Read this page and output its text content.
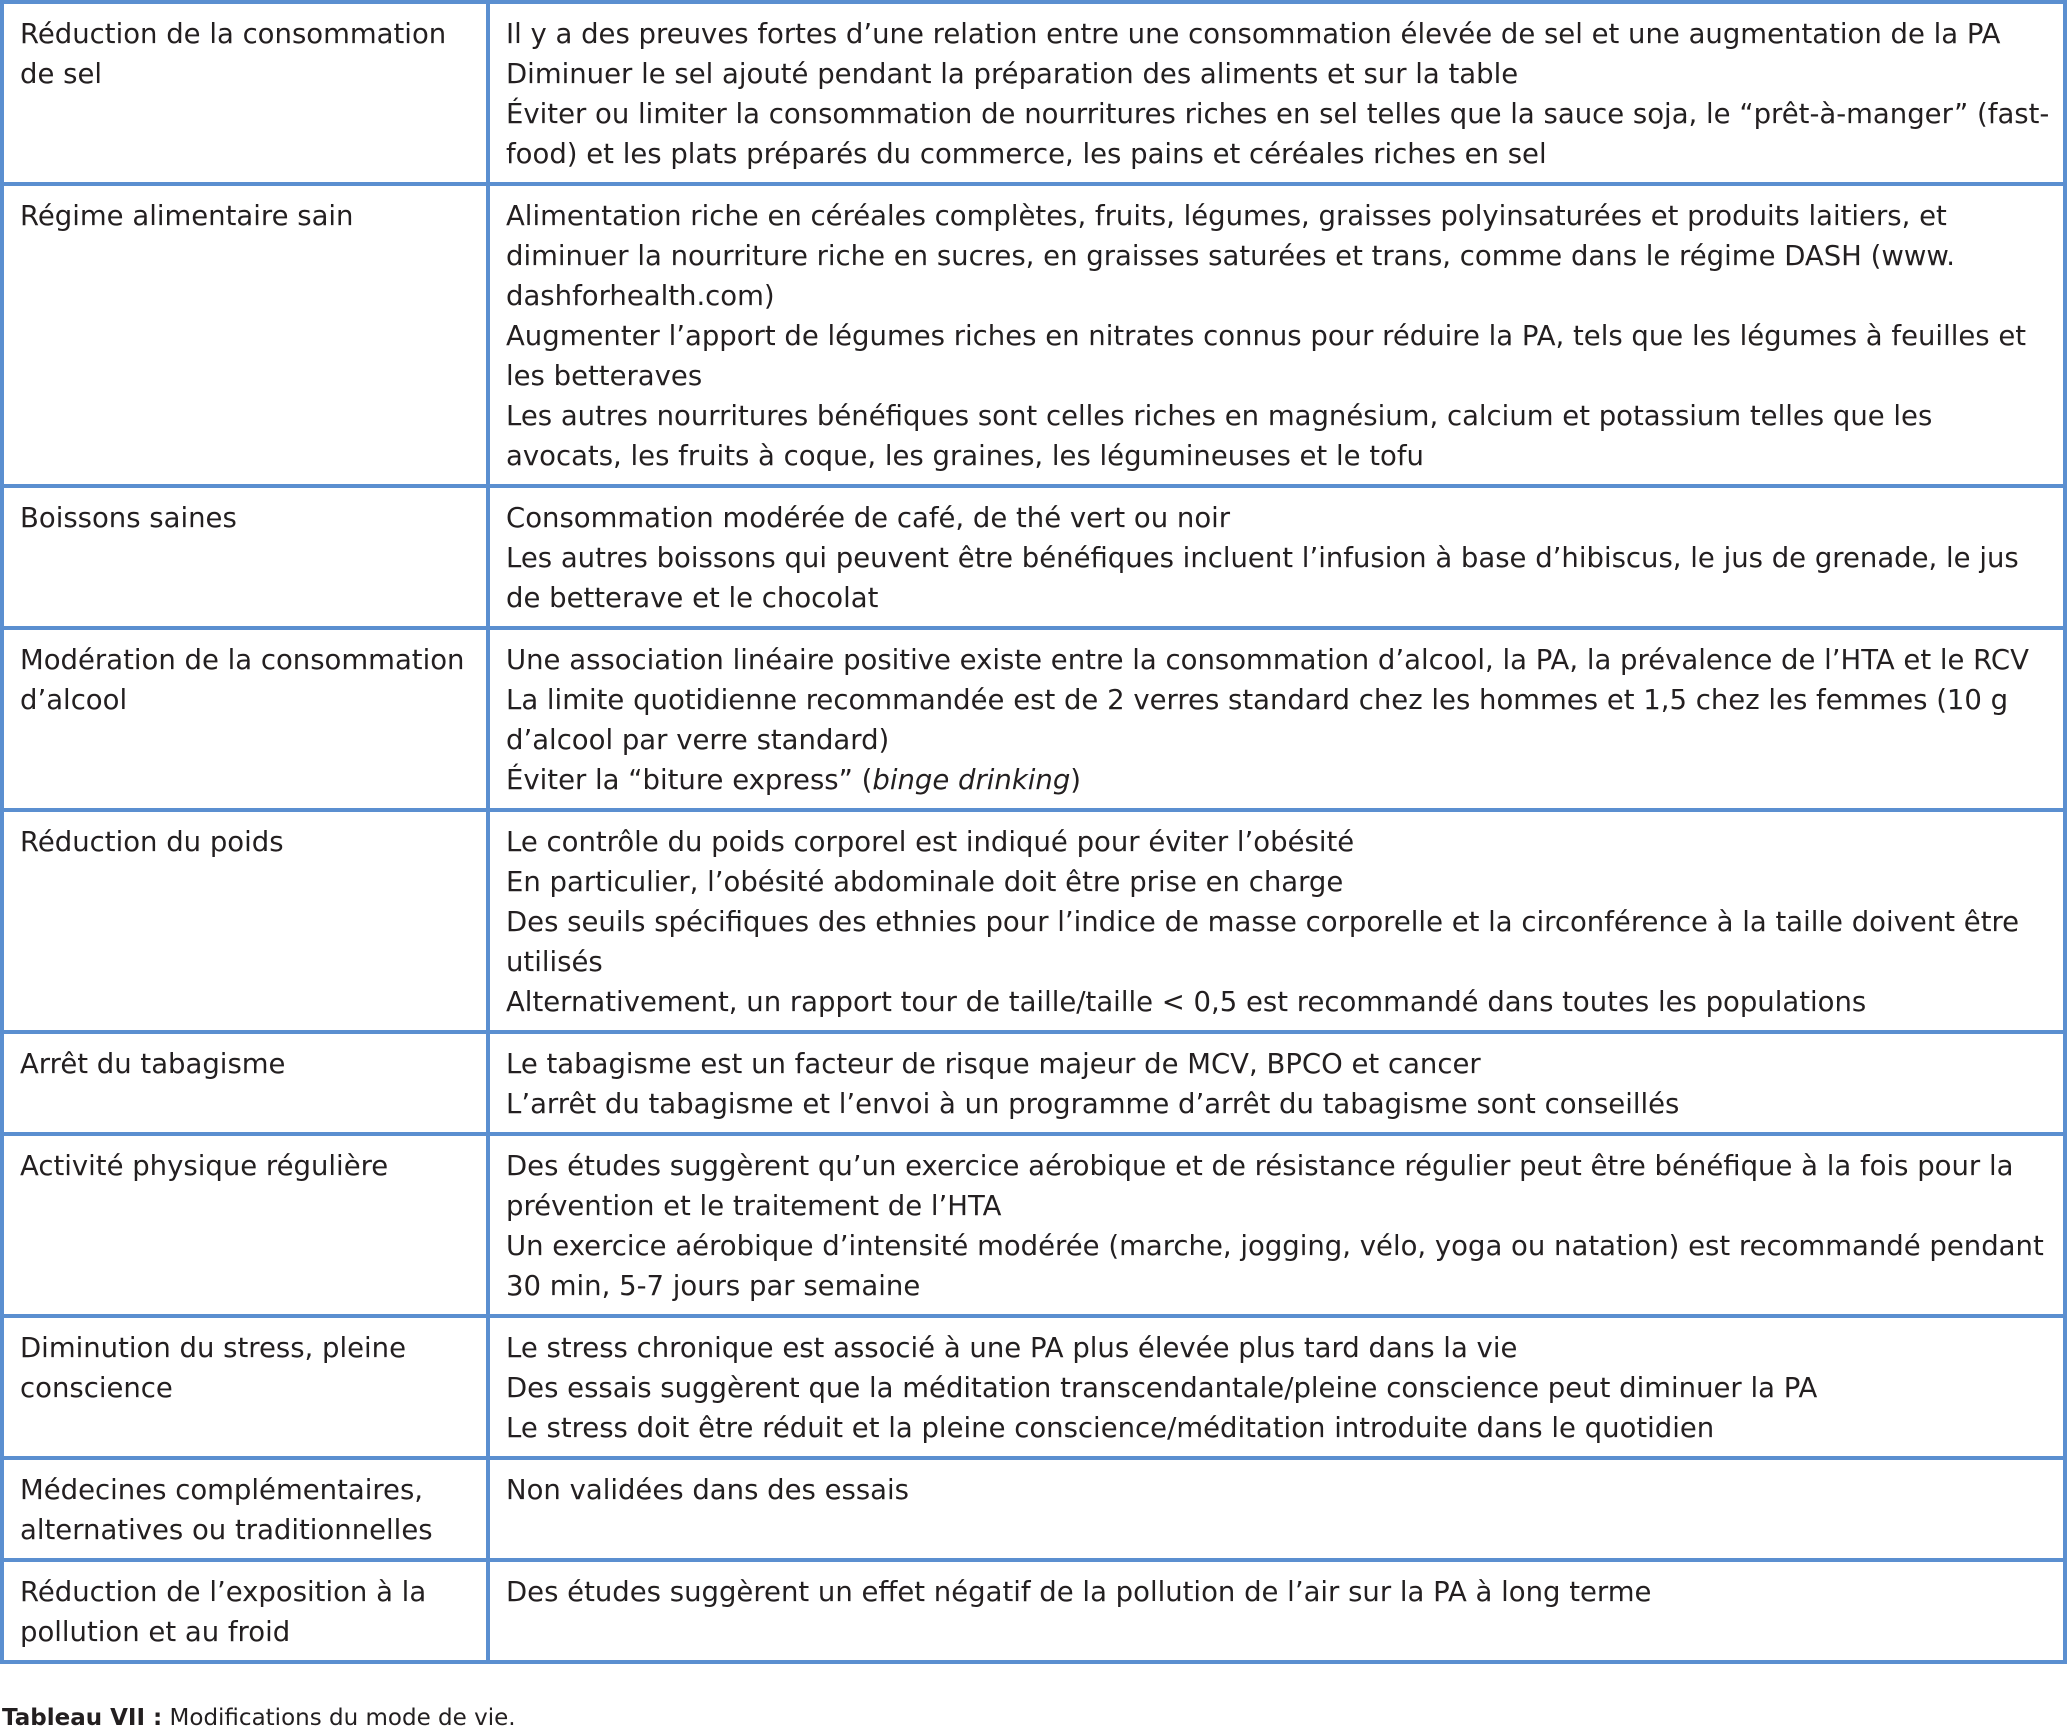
Réduction de la consommation de sel	Il y a des preuves fortes d’une relation entre une consommation élevée de sel et une augmentation de la PA
Diminuer le sel ajouté pendant la préparation des aliments et sur la table
Éviter ou limiter la consommation de nourritures riches en sel telles que la sauce soja, le “prêt-à-manger” (fast-food) et les plats préparés du commerce, les pains et céréales riches en sel

Régime alimentaire sain	Alimentation riche en céréales complètes, fruits, légumes, graisses polyinsaturées et produits laitiers, et diminuer la nourriture riche en sucres, en graisses saturées et trans, comme dans le régime DASH (www. dashforhealth.com)
Augmenter l’apport de légumes riches en nitrates connus pour réduire la PA, tels que les légumes à feuilles et les betteraves
Les autres nourritures bénéfiques sont celles riches en magnésium, calcium et potassium telles que les avocats, les fruits à coque, les graines, les légumineuses et le tofu

Boissons saines	Consommation modérée de café, de thé vert ou noir
Les autres boissons qui peuvent être bénéfiques incluent l’infusion à base d’hibiscus, le jus de grenade, le jus de betterave et le chocolat

Modération de la consommation d’alcool	Une association linéaire positive existe entre la consommation d’alcool, la PA, la prévalence de l’HTA et le RCV
La limite quotidienne recommandée est de 2 verres standard chez les hommes et 1,5 chez les femmes (10 g d’alcool par verre standard)
Éviter la “biture express” (binge drinking)

Réduction du poids	Le contrôle du poids corporel est indiqué pour éviter l’obésité
En particulier, l’obésité abdominale doit être prise en charge
Des seuils spécifiques des ethnies pour l’indice de masse corporelle et la circonférence à la taille doivent être utilisés
Alternativement, un rapport tour de taille/taille < 0,5 est recommandé dans toutes les populations

Arrêt du tabagisme	Le tabagisme est un facteur de risque majeur de MCV, BPCO et cancer
L’arrêt du tabagisme et l’envoi à un programme d’arrêt du tabagisme sont conseillés

Activité physique régulière	Des études suggèrent qu’un exercice aérobique et de résistance régulier peut être bénéfique à la fois pour la prévention et le traitement de l’HTA
Un exercice aérobique d’intensité modérée (marche, jogging, vélo, yoga ou natation) est recommandé pendant 30 min, 5-7 jours par semaine

Diminution du stress, pleine conscience	Le stress chronique est associé à une PA plus élevée plus tard dans la vie
Des essais suggèrent que la méditation transcendantale/pleine conscience peut diminuer la PA
Le stress doit être réduit et la pleine conscience/méditation introduite dans le quotidien

Médecines complémentaires, alternatives ou traditionnelles	Non validées dans des essais

Réduction de l’exposition à la pollution et au froid	Des études suggèrent un effet négatif de la pollution de l’air sur la PA à long terme
Tableau VII : Modifications du mode de vie.
